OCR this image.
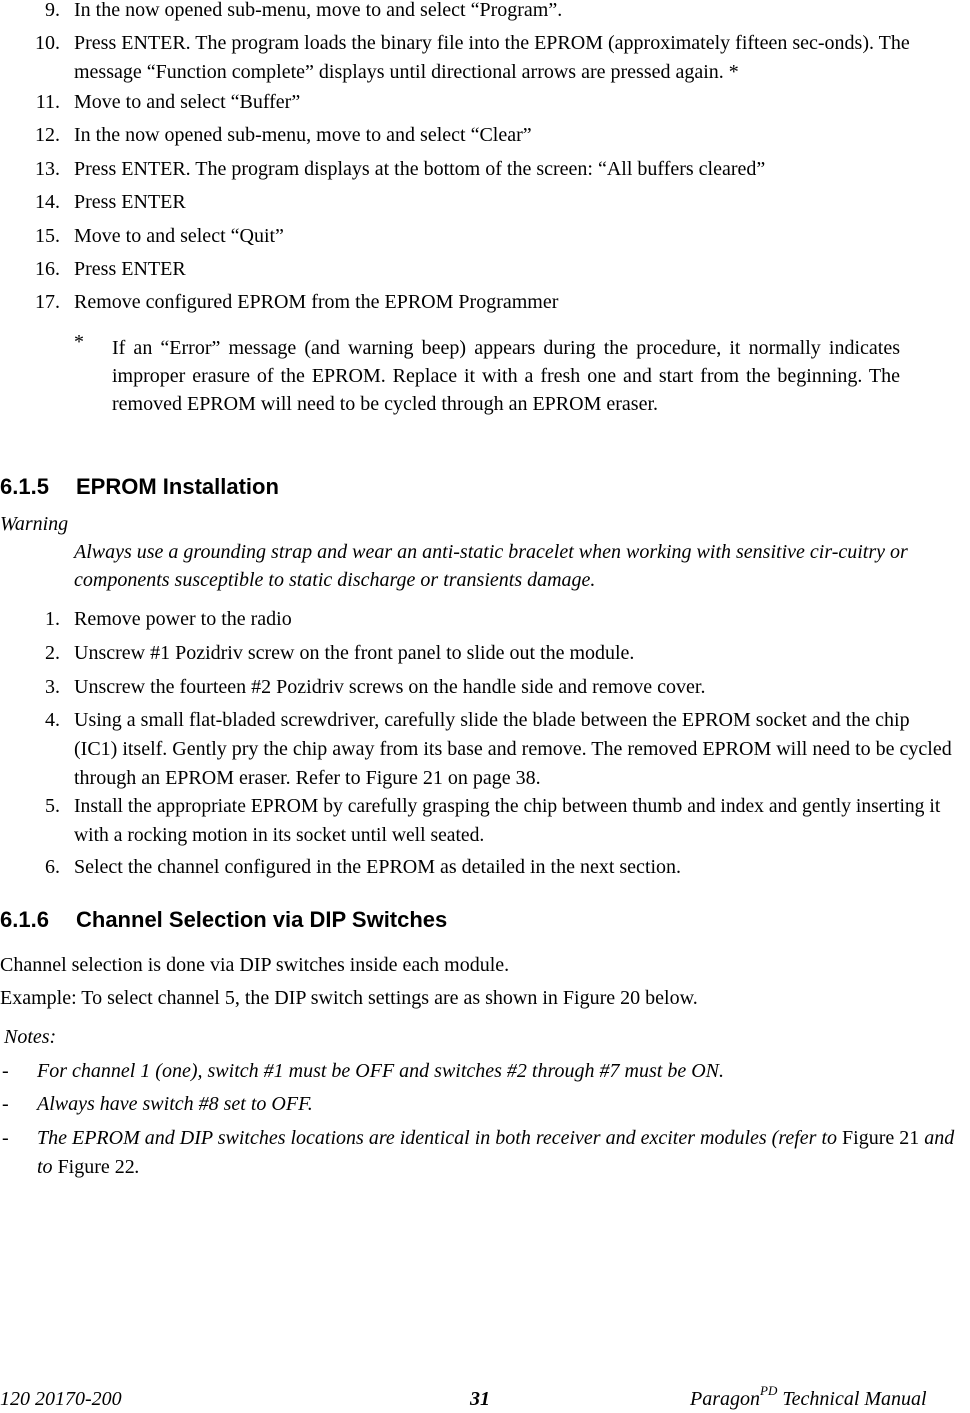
9. In the now opened sub-menu, move to and select “Program”.
10. Press ENTER. The program loads the binary file into the EPROM (approximately fifteen sec-onds). The message “Function complete” displays until directional arrows are pressed again. *
11. Move to and select “Buffer”
12. In the now opened sub-menu, move to and select “Clear”
13. Press ENTER. The program displays at the bottom of the screen: “All buffers cleared”
14. Press ENTER
15. Move to and select “Quit”
16. Press ENTER
17. Remove configured EPROM from the EPROM Programmer
* If an “Error” message (and warning beep) appears during the procedure, it normally indicates improper erasure of the EPROM. Replace it with a fresh one and start from the beginning. The removed EPROM will need to be cycled through an EPROM eraser.
6.1.5 EPROM Installation
Warning
Always use a grounding strap and wear an anti-static bracelet when working with sensitive cir-cuitry or components susceptible to static discharge or transients damage.
1. Remove power to the radio
2. Unscrew #1 Pozidriv screw on the front panel to slide out the module.
3. Unscrew the fourteen #2 Pozidriv screws on the handle side and remove cover.
4. Using a small flat-bladed screwdriver, carefully slide the blade between the EPROM socket and the chip (IC1) itself. Gently pry the chip away from its base and remove. The removed EPROM will need to be cycled through an EPROM eraser. Refer to Figure 21 on page 38.
5. Install the appropriate EPROM by carefully grasping the chip between thumb and index and gently inserting it with a rocking motion in its socket until well seated.
6. Select the channel configured in the EPROM as detailed in the next section.
6.1.6 Channel Selection via DIP Switches
Channel selection is done via DIP switches inside each module.
Example: To select channel 5, the DIP switch settings are as shown in Figure 20 below.
Notes:
- For channel 1 (one), switch #1 must be OFF and switches #2 through #7 must be ON.
- Always have switch #8 set to OFF.
- The EPROM and DIP switches locations are identical in both receiver and exciter modules (refer to Figure 21 and to Figure 22.
120 20170-200	31	Paragon$^{PD}$ Technical Manual
